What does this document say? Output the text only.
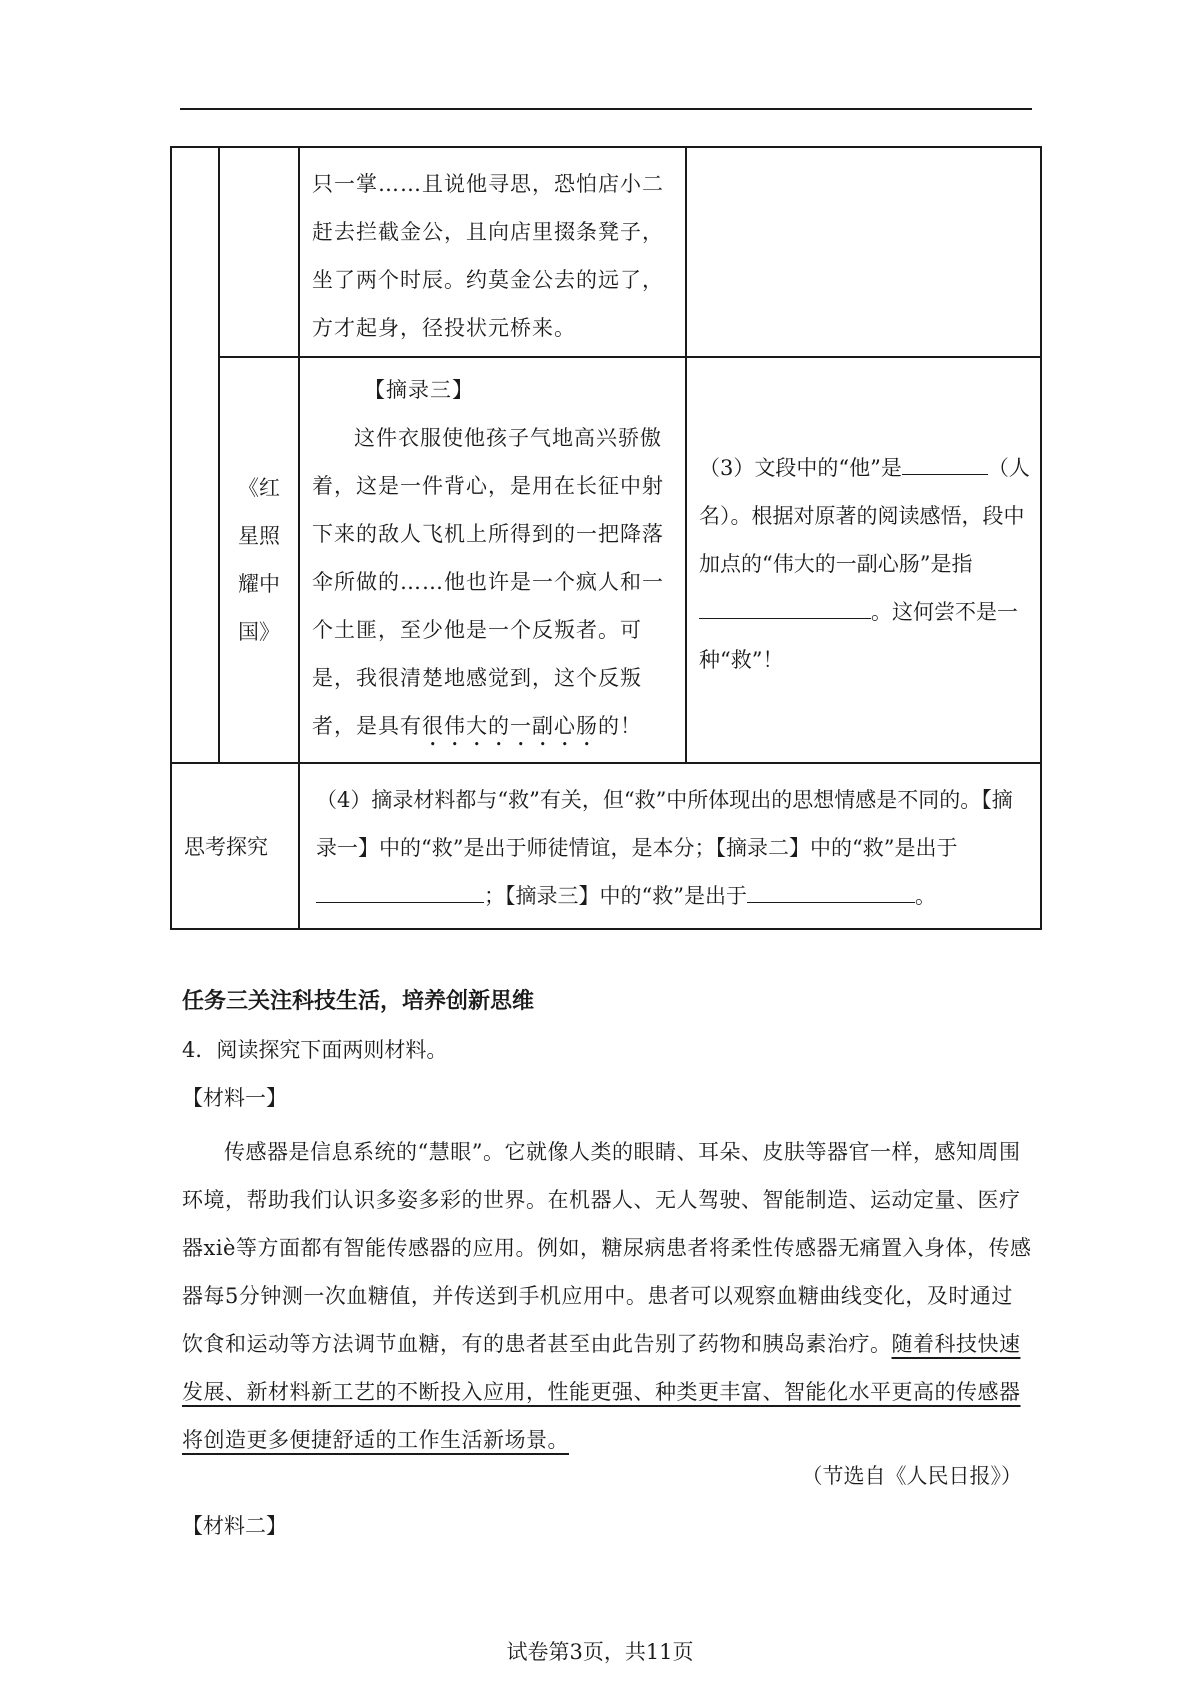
		只一掌……且说他寻思，恐怕店小二赶去拦截金公，且向店里掇条凳子，坐了两个时辰。约莫金公去的远了，方才起身，径投状元桥来。	

	《红星照耀中国》	【摘录三】
这件衣服使他孩子气地高兴骄傲着，这是一件背心，是用在长征中射下来的敌人飞机上所得到的一把降落伞所做的……他也许是一个疯人和一个土匪，至少他是一个反叛者。可是，我很清楚地感觉到，这个反叛者，是具有很伟大的一副心肠的！	（3）文段中的“他”是 （人名）。根据对原著的阅读感悟，段中加点的“伟大的一副心肠”是指。这何尝不是一种“救”！

思考探究		（4）摘录材料都与“救”有关，但“救”中所体现出的思想情感是不同的。【摘录一】中的“救”是出于师徒情谊，是本分；【摘录二】中的“救”是出于；【摘录三】中的“救”是出于 。	
任务三关注科技生活，培养创新思维
4．阅读探究下面两则材料。
【材料一】

传感器是信息系统的“慧眼”。它就像人类的眼睛、耳朵、皮肤等器官一样，感知周围环境，帮助我们认识多姿多彩的世界。在机器人、无人驾驶、智能制造、运动定量、医疗器xiè等方面都有智能传感器的应用。例如，糖尿病患者将柔性传感器无痛置入身体，传感器每5分钟测一次血糖值，并传送到手机应用中。患者可以观察血糖曲线变化，及时通过饮食和运动等方法调节血糖，有的患者甚至由此告别了药物和胰岛素治疗。随着科技快速发展、新材料新工艺的不断投入应用，性能更强、种类更丰富、智能化水平更高的传感器将创造更多便捷舒适的工作生活新场景。

（节选自《人民日报》）
【材料二】
试卷第3页，共11页
